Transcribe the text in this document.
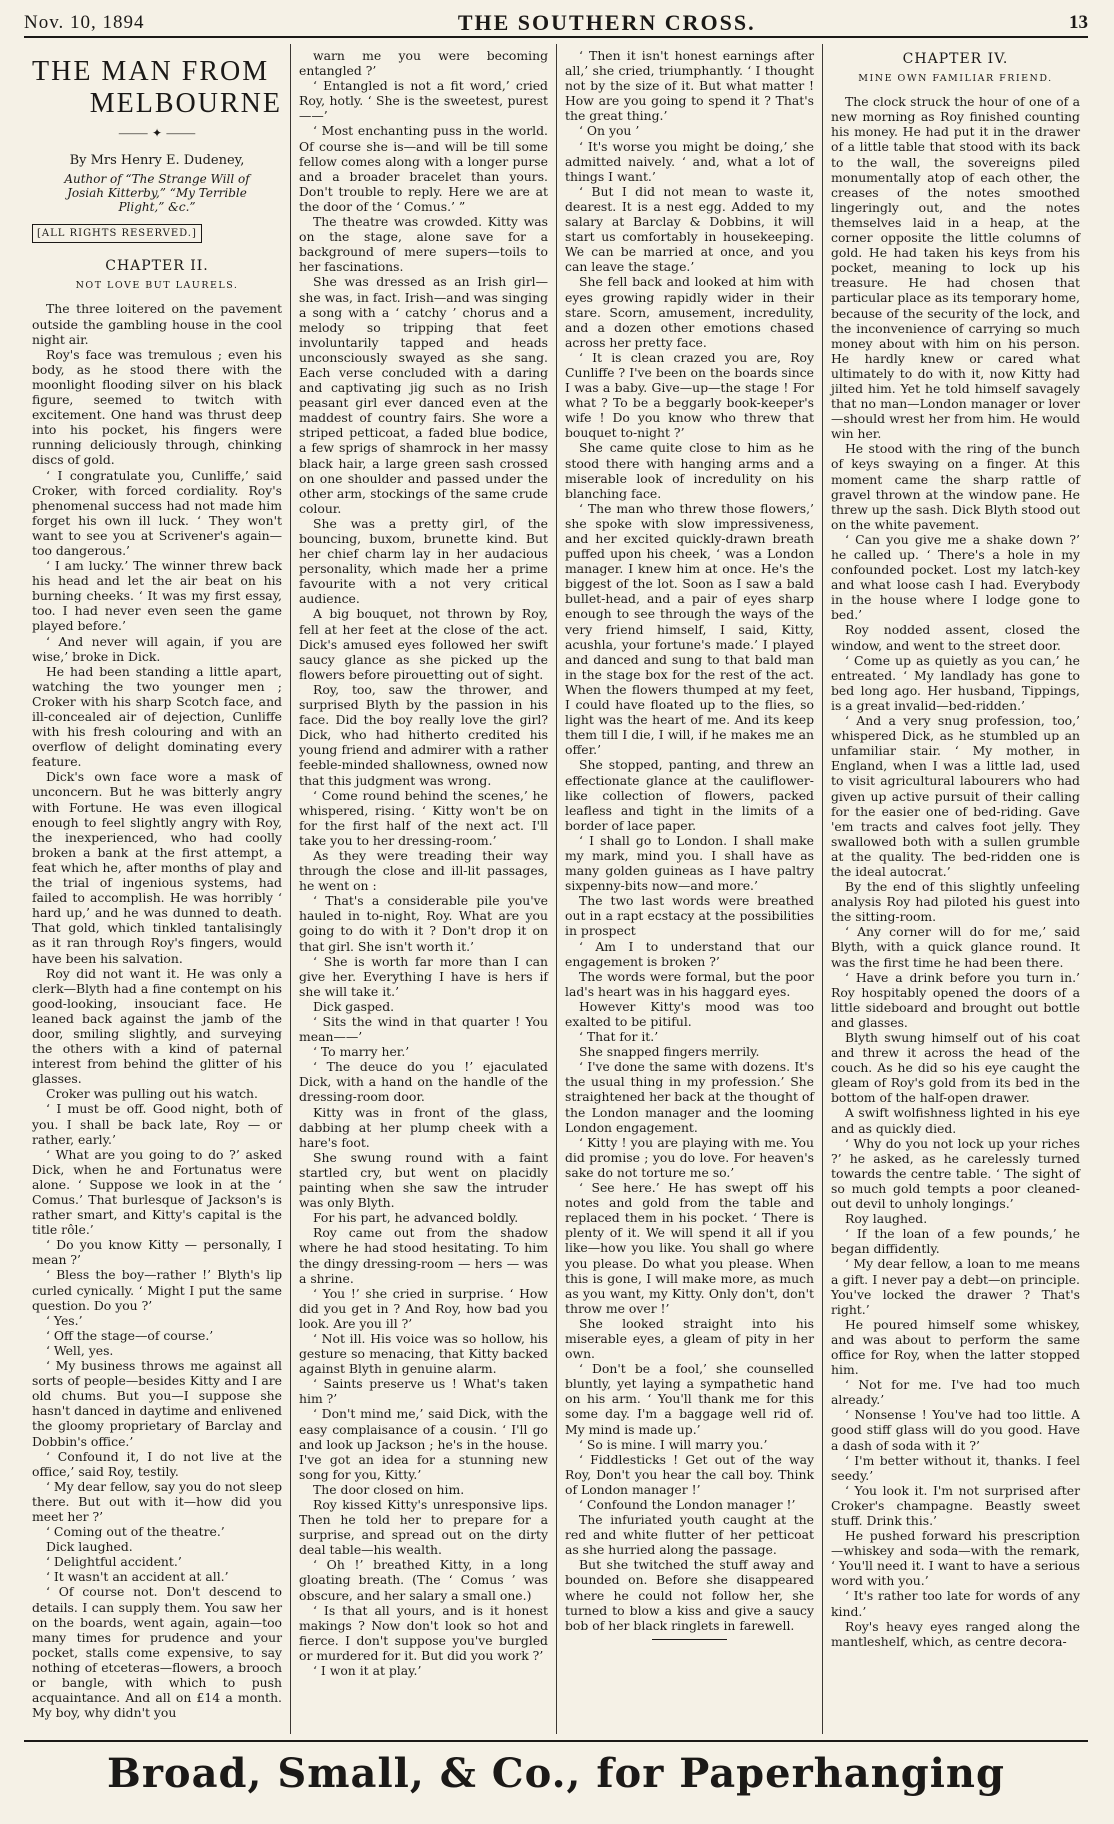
Nov. 10, 1894	THE SOUTHERN CROSS.	13
THE MAN FROM
MELBOURNE
⸻ ✦ ⸻
By Mrs Henry E. Dudeney,
Author of “The Strange Will of Josiah Kitterby,” “My Terrible Plight,” &c.”
[ALL RIGHTS RESERVED.]
CHAPTER II.
NOT LOVE BUT LAURELS.

The three loitered on the pavement outside the gambling house in the cool night air.

Roy's face was tremulous ; even his body, as he stood there with the moonlight flooding silver on his black figure, seemed to twitch with excitement. One hand was thrust deep into his pocket, his fingers were running deliciously through, chinking discs of gold.

‘ I congratulate you, Cunliffe,’ said Croker, with forced cordiality. Roy's phenomenal success had not made him forget his own ill luck. ‘ They won't want to see you at Scrivener's again—too dangerous.’

‘ I am lucky.’ The winner threw back his head and let the air beat on his burning cheeks. ‘ It was my first essay, too. I had never even seen the game played before.’

‘ And never will again, if you are wise,’ broke in Dick.

He had been standing a little apart, watching the two younger men ; Croker with his sharp Scotch face, and ill-concealed air of dejection, Cunliffe with his fresh colouring and with an overflow of delight dominating every feature.

Dick's own face wore a mask of unconcern. But he was bitterly angry with Fortune. He was even illogical enough to feel slightly angry with Roy, the inexperienced, who had coolly broken a bank at the first attempt, a feat which he, after months of play and the trial of ingenious systems, had failed to accomplish. He was horribly ‘ hard up,’ and he was dunned to death. That gold, which tinkled tantalisingly as it ran through Roy's fingers, would have been his salvation.

Roy did not want it. He was only a clerk—Blyth had a fine contempt on his good-looking, insouciant face. He leaned back against the jamb of the door, smiling slightly, and surveying the others with a kind of paternal interest from behind the glitter of his glasses.

Croker was pulling out his watch.

‘ I must be off. Good night, both of you. I shall be back late, Roy — or rather, early.’

‘ What are you going to do ?’ asked Dick, when he and Fortunatus were alone. ‘ Suppose we look in at the ‘ Comus.’ That burlesque of Jackson's is rather smart, and Kitty's capital is the title rôle.’

‘ Do you know Kitty — personally, I mean ?’

‘ Bless the boy—rather !’ Blyth's lip curled cynically. ‘ Might I put the same question. Do you ?’

‘ Yes.’

‘ Off the stage—of course.’

‘ Well, yes.

‘ My business throws me against all sorts of people—besides Kitty and I are old chums. But you—I suppose she hasn't danced in daytime and enlivened the gloomy proprietary of Barclay and Dobbin's office.’

‘ Confound it, I do not live at the office,’ said Roy, testily.

‘ My dear fellow, say you do not sleep there. But out with it—how did you meet her ?’

‘ Coming out of the theatre.’

Dick laughed.

‘ Delightful accident.’

‘ It wasn't an accident at all.’

‘ Of course not. Don't descend to details. I can supply them. You saw her on the boards, went again, again—too many times for prudence and your pocket, stalls come expensive, to say nothing of etceteras—flowers, a brooch or bangle, with which to push acquaintance. And all on £14 a month. My boy, why didn't you

warn me you were becoming entangled ?’

‘ Entangled is not a fit word,’ cried Roy, hotly. ‘ She is the sweetest, purest——’

‘ Most enchanting puss in the world. Of course she is—and will be till some fellow comes along with a longer purse and a broader bracelet than yours. Don't trouble to reply. Here we are at the door of the ‘ Comus.’ ”

The theatre was crowded. Kitty was on the stage, alone save for a background of mere supers—toils to her fascinations.

She was dressed as an Irish girl—she was, in fact. Irish—and was singing a song with a ‘ catchy ’ chorus and a melody so tripping that feet involuntarily tapped and heads unconsciously swayed as she sang. Each verse concluded with a daring and captivating jig such as no Irish peasant girl ever danced even at the maddest of country fairs. She wore a striped petticoat, a faded blue bodice, a few sprigs of shamrock in her massy black hair, a large green sash crossed on one shoulder and passed under the other arm, stockings of the same crude colour.

She was a pretty girl, of the bouncing, buxom, brunette kind. But her chief charm lay in her audacious personality, which made her a prime favourite with a not very critical audience.

A big bouquet, not thrown by Roy, fell at her feet at the close of the act. Dick's amused eyes followed her swift saucy glance as she picked up the flowers before pirouetting out of sight.

Roy, too, saw the thrower, and surprised Blyth by the passion in his face. Did the boy really love the girl? Dick, who had hitherto credited his young friend and admirer with a rather feeble-minded shallowness, owned now that this judgment was wrong.

‘ Come round behind the scenes,’ he whispered, rising. ‘ Kitty won't be on for the first half of the next act. I'll take you to her dressing-room.’

As they were treading their way through the close and ill-lit passages, he went on :

‘ That's a considerable pile you've hauled in to-night, Roy. What are you going to do with it ? Don't drop it on that girl. She isn't worth it.’

‘ She is worth far more than I can give her. Everything I have is hers if she will take it.’

Dick gasped.

‘ Sits the wind in that quarter ! You mean——’

‘ To marry her.’

‘ The deuce do you !’ ejaculated Dick, with a hand on the handle of the dressing-room door.

Kitty was in front of the glass, dabbing at her plump cheek with a hare's foot.

She swung round with a faint startled cry, but went on placidly painting when she saw the intruder was only Blyth.

For his part, he advanced boldly.

Roy came out from the shadow where he had stood hesitating. To him the dingy dressing-room — hers — was a shrine.

‘ You !’ she cried in surprise. ‘ How did you get in ? And Roy, how bad you look. Are you ill ?’

‘ Not ill. His voice was so hollow, his gesture so menacing, that Kitty backed against Blyth in genuine alarm.

‘ Saints preserve us ! What's taken him ?’

‘ Don't mind me,’ said Dick, with the easy complaisance of a cousin. ‘ I'll go and look up Jackson ; he's in the house. I've got an idea for a stunning new song for you, Kitty.’

The door closed on him.

Roy kissed Kitty's unresponsive lips. Then he told her to prepare for a surprise, and spread out on the dirty deal table—his wealth.

‘ Oh !’ breathed Kitty, in a long gloating breath. (The ‘ Comus ’ was obscure, and her salary a small one.)

‘ Is that all yours, and is it honest makings ? Now don't look so hot and fierce. I don't suppose you've burgled or murdered for it. But did you work ?’

‘ I won it at play.’

‘ Then it isn't honest earnings after all,’ she cried, triumphantly. ‘ I thought not by the size of it. But what matter ! How are you going to spend it ? That's the great thing.’

‘ On you ’

‘ It's worse you might be doing,’ she admitted naively. ‘ and, what a lot of things I want.’

‘ But I did not mean to waste it, dearest. It is a nest egg. Added to my salary at Barclay & Dobbins, it will start us comfortably in housekeeping. We can be married at once, and you can leave the stage.’

She fell back and looked at him with eyes growing rapidly wider in their stare. Scorn, amusement, incredulity, and a dozen other emotions chased across her pretty face.

‘ It is clean crazed you are, Roy Cunliffe ? I've been on the boards since I was a baby. Give—up—the stage ! For what ? To be a beggarly book-keeper's wife ! Do you know who threw that bouquet to-night ?’

She came quite close to him as he stood there with hanging arms and a miserable look of incredulity on his blanching face.

‘ The man who threw those flowers,’ she spoke with slow impressiveness, and her excited quickly-drawn breath puffed upon his cheek, ‘ was a London manager. I knew him at once. He's the biggest of the lot. Soon as I saw a bald bullet-head, and a pair of eyes sharp enough to see through the ways of the very friend himself, I said, Kitty, acushla, your fortune's made.’ I played and danced and sung to that bald man in the stage box for the rest of the act. When the flowers thumped at my feet, I could have floated up to the flies, so light was the heart of me. And its keep them till I die, I will, if he makes me an offer.’

She stopped, panting, and threw an effectionate glance at the cauliflower-like collection of flowers, packed leafless and tight in the limits of a border of lace paper.

‘ I shall go to London. I shall make my mark, mind you. I shall have as many golden guineas as I have paltry sixpenny-bits now—and more.’

The two last words were breathed out in a rapt ecstacy at the possibilities in prospect

‘ Am I to understand that our engagement is broken ?’

The words were formal, but the poor lad's heart was in his haggard eyes.

However Kitty's mood was too exalted to be pitiful.

‘ That for it.’

She snapped fingers merrily.

‘ I've done the same with dozens. It's the usual thing in my profession.’ She straightened her back at the thought of the London manager and the looming London engagement.

‘ Kitty ! you are playing with me. You did promise ; you do love. For heaven's sake do not torture me so.’

‘ See here.’ He has swept off his notes and gold from the table and replaced them in his pocket. ‘ There is plenty of it. We will spend it all if you like—how you like. You shall go where you please. Do what you please. When this is gone, I will make more, as much as you want, my Kitty. Only don't, don't throw me over !’

She looked straight into his miserable eyes, a gleam of pity in her own.

‘ Don't be a fool,’ she counselled bluntly, yet laying a sympathetic hand on his arm. ‘ You'll thank me for this some day. I'm a baggage well rid of. My mind is made up.’

‘ So is mine. I will marry you.’

‘ Fiddlesticks ! Get out of the way Roy, Don't you hear the call boy. Think of London manager !’

‘ Confound the London manager !’

The infuriated youth caught at the red and white flutter of her petticoat as she hurried along the passage.

But she twitched the stuff away and bounded on. Before she disappeared where he could not follow her, she turned to blow a kiss and give a saucy bob of her black ringlets in farewell.

CHAPTER IV.
MINE OWN FAMILIAR FRIEND.

The clock struck the hour of one of a new morning as Roy finished counting his money. He had put it in the drawer of a little table that stood with its back to the wall, the sovereigns piled monumentally atop of each other, the creases of the notes smoothed lingeringly out, and the notes themselves laid in a heap, at the corner opposite the little columns of gold. He had taken his keys from his pocket, meaning to lock up his treasure. He had chosen that particular place as its temporary home, because of the security of the lock, and the inconvenience of carrying so much money about with him on his person. He hardly knew or cared what ultimately to do with it, now Kitty had jilted him. Yet he told himself savagely that no man—London manager or lover—should wrest her from him. He would win her.

He stood with the ring of the bunch of keys swaying on a finger. At this moment came the sharp rattle of gravel thrown at the window pane. He threw up the sash. Dick Blyth stood out on the white pavement.

‘ Can you give me a shake down ?’ he called up. ‘ There's a hole in my confounded pocket. Lost my latch-key and what loose cash I had. Everybody in the house where I lodge gone to bed.’

Roy nodded assent, closed the window, and went to the street door.

‘ Come up as quietly as you can,’ he entreated. ‘ My landlady has gone to bed long ago. Her husband, Tippings, is a great invalid—bed-ridden.’

‘ And a very snug profession, too,’ whispered Dick, as he stumbled up an unfamiliar stair. ‘ My mother, in England, when I was a little lad, used to visit agricultural labourers who had given up active pursuit of their calling for the easier one of bed-riding. Gave 'em tracts and calves foot jelly. They swallowed both with a sullen grumble at the quality. The bed-ridden one is the ideal autocrat.’

By the end of this slightly unfeeling analysis Roy had piloted his guest into the sitting-room.

‘ Any corner will do for me,’ said Blyth, with a quick glance round. It was the first time he had been there.

‘ Have a drink before you turn in.’ Roy hospitably opened the doors of a little sideboard and brought out bottle and glasses.

Blyth swung himself out of his coat and threw it across the head of the couch. As he did so his eye caught the gleam of Roy's gold from its bed in the bottom of the half-open drawer.

A swift wolfishness lighted in his eye and as quickly died.

‘ Why do you not lock up your riches ?’ he asked, as he carelessly turned towards the centre table. ‘ The sight of so much gold tempts a poor cleaned-out devil to unholy longings.’

Roy laughed.

‘ If the loan of a few pounds,’ he began diffidently.

‘ My dear fellow, a loan to me means a gift. I never pay a debt—on principle. You've locked the drawer ? That's right.’

He poured himself some whiskey, and was about to perform the same office for Roy, when the latter stopped him.

‘ Not for me. I've had too much already.’

‘ Nonsense ! You've had too little. A good stiff glass will do you good. Have a dash of soda with it ?’

‘ I'm better without it, thanks. I feel seedy.’

‘ You look it. I'm not surprised after Croker's champagne. Beastly sweet stuff. Drink this.’

He pushed forward his prescription —whiskey and soda—with the remark, ‘ You'll need it. I want to have a serious word with you.’

‘ It's rather too late for words of any kind.’

Roy's heavy eyes ranged along the mantleshelf, which, as centre decora-

Broad, Small, & Co., for Paperhanging
